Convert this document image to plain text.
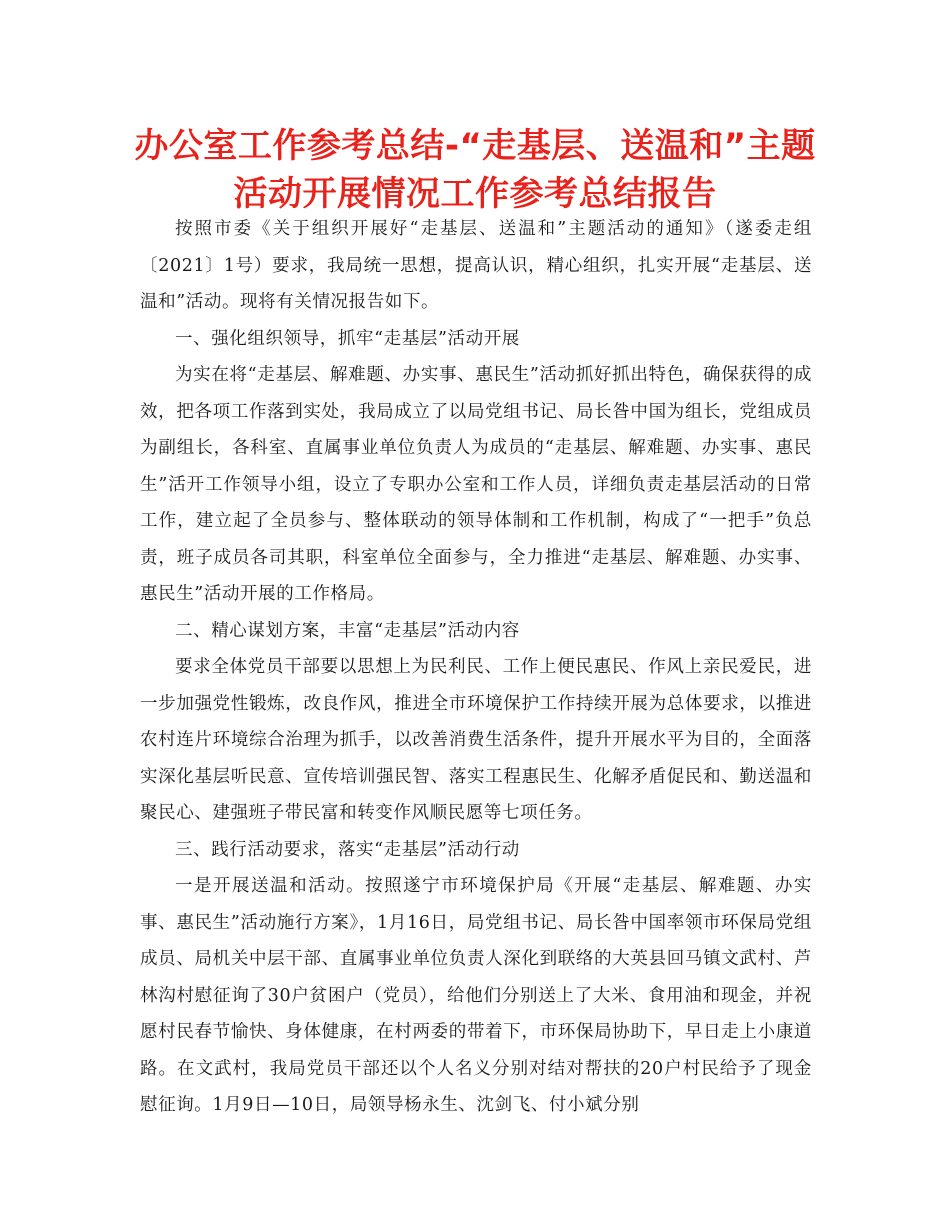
办公室工作参考总结-“走基层、送温和”主题活动开展情况工作参考总结报告

按照市委《关于组织开展好“走基层、送温和”主题活动的通知》（遂委走组〔2021〕1号）要求，我局统一思想，提高认识，精心组织，扎实开展“走基层、送温和”活动。现将有关情况报告如下。

一、强化组织领导，抓牢“走基层”活动开展

为实在将“走基层、解难题、办实事、惠民生”活动抓好抓出特色，确保获得的成效，把各项工作落到实处，我局成立了以局党组书记、局长昝中国为组长，党组成员为副组长，各科室、直属事业单位负责人为成员的“走基层、解难题、办实事、惠民生”活开工作领导小组，设立了专职办公室和工作人员，详细负责走基层活动的日常工作，建立起了全员参与、整体联动的领导体制和工作机制，构成了“一把手”负总责，班子成员各司其职，科室单位全面参与，全力推进“走基层、解难题、办实事、惠民生”活动开展的工作格局。

二、精心谋划方案，丰富“走基层”活动内容

要求全体党员干部要以思想上为民利民、工作上便民惠民、作风上亲民爱民，进一步加强党性锻炼，改良作风，推进全市环境保护工作持续开展为总体要求，以推进农村连片环境综合治理为抓手，以改善消费生活条件，提升开展水平为目的，全面落实深化基层听民意、宣传培训强民智、落实工程惠民生、化解矛盾促民和、勤送温和聚民心、建强班子带民富和转变作风顺民愿等七项任务。

三、践行活动要求，落实“走基层”活动行动

一是开展送温和活动。按照遂宁市环境保护局《开展“走基层、解难题、办实事、惠民生”活动施行方案》，1月16日，局党组书记、局长昝中国率领市环保局党组成员、局机关中层干部、直属事业单位负责人深化到联络的大英县回马镇文武村、芦林沟村慰征询了30户贫困户（党员），给他们分别送上了大米、食用油和现金，并祝愿村民春节愉快、身体健康，在村两委的带着下，市环保局协助下，早日走上小康道路。在文武村，我局党员干部还以个人名义分别对结对帮扶的20户村民给予了现金慰征询。1月9日—10日，局领导杨永生、沈剑飞、付小斌分别
